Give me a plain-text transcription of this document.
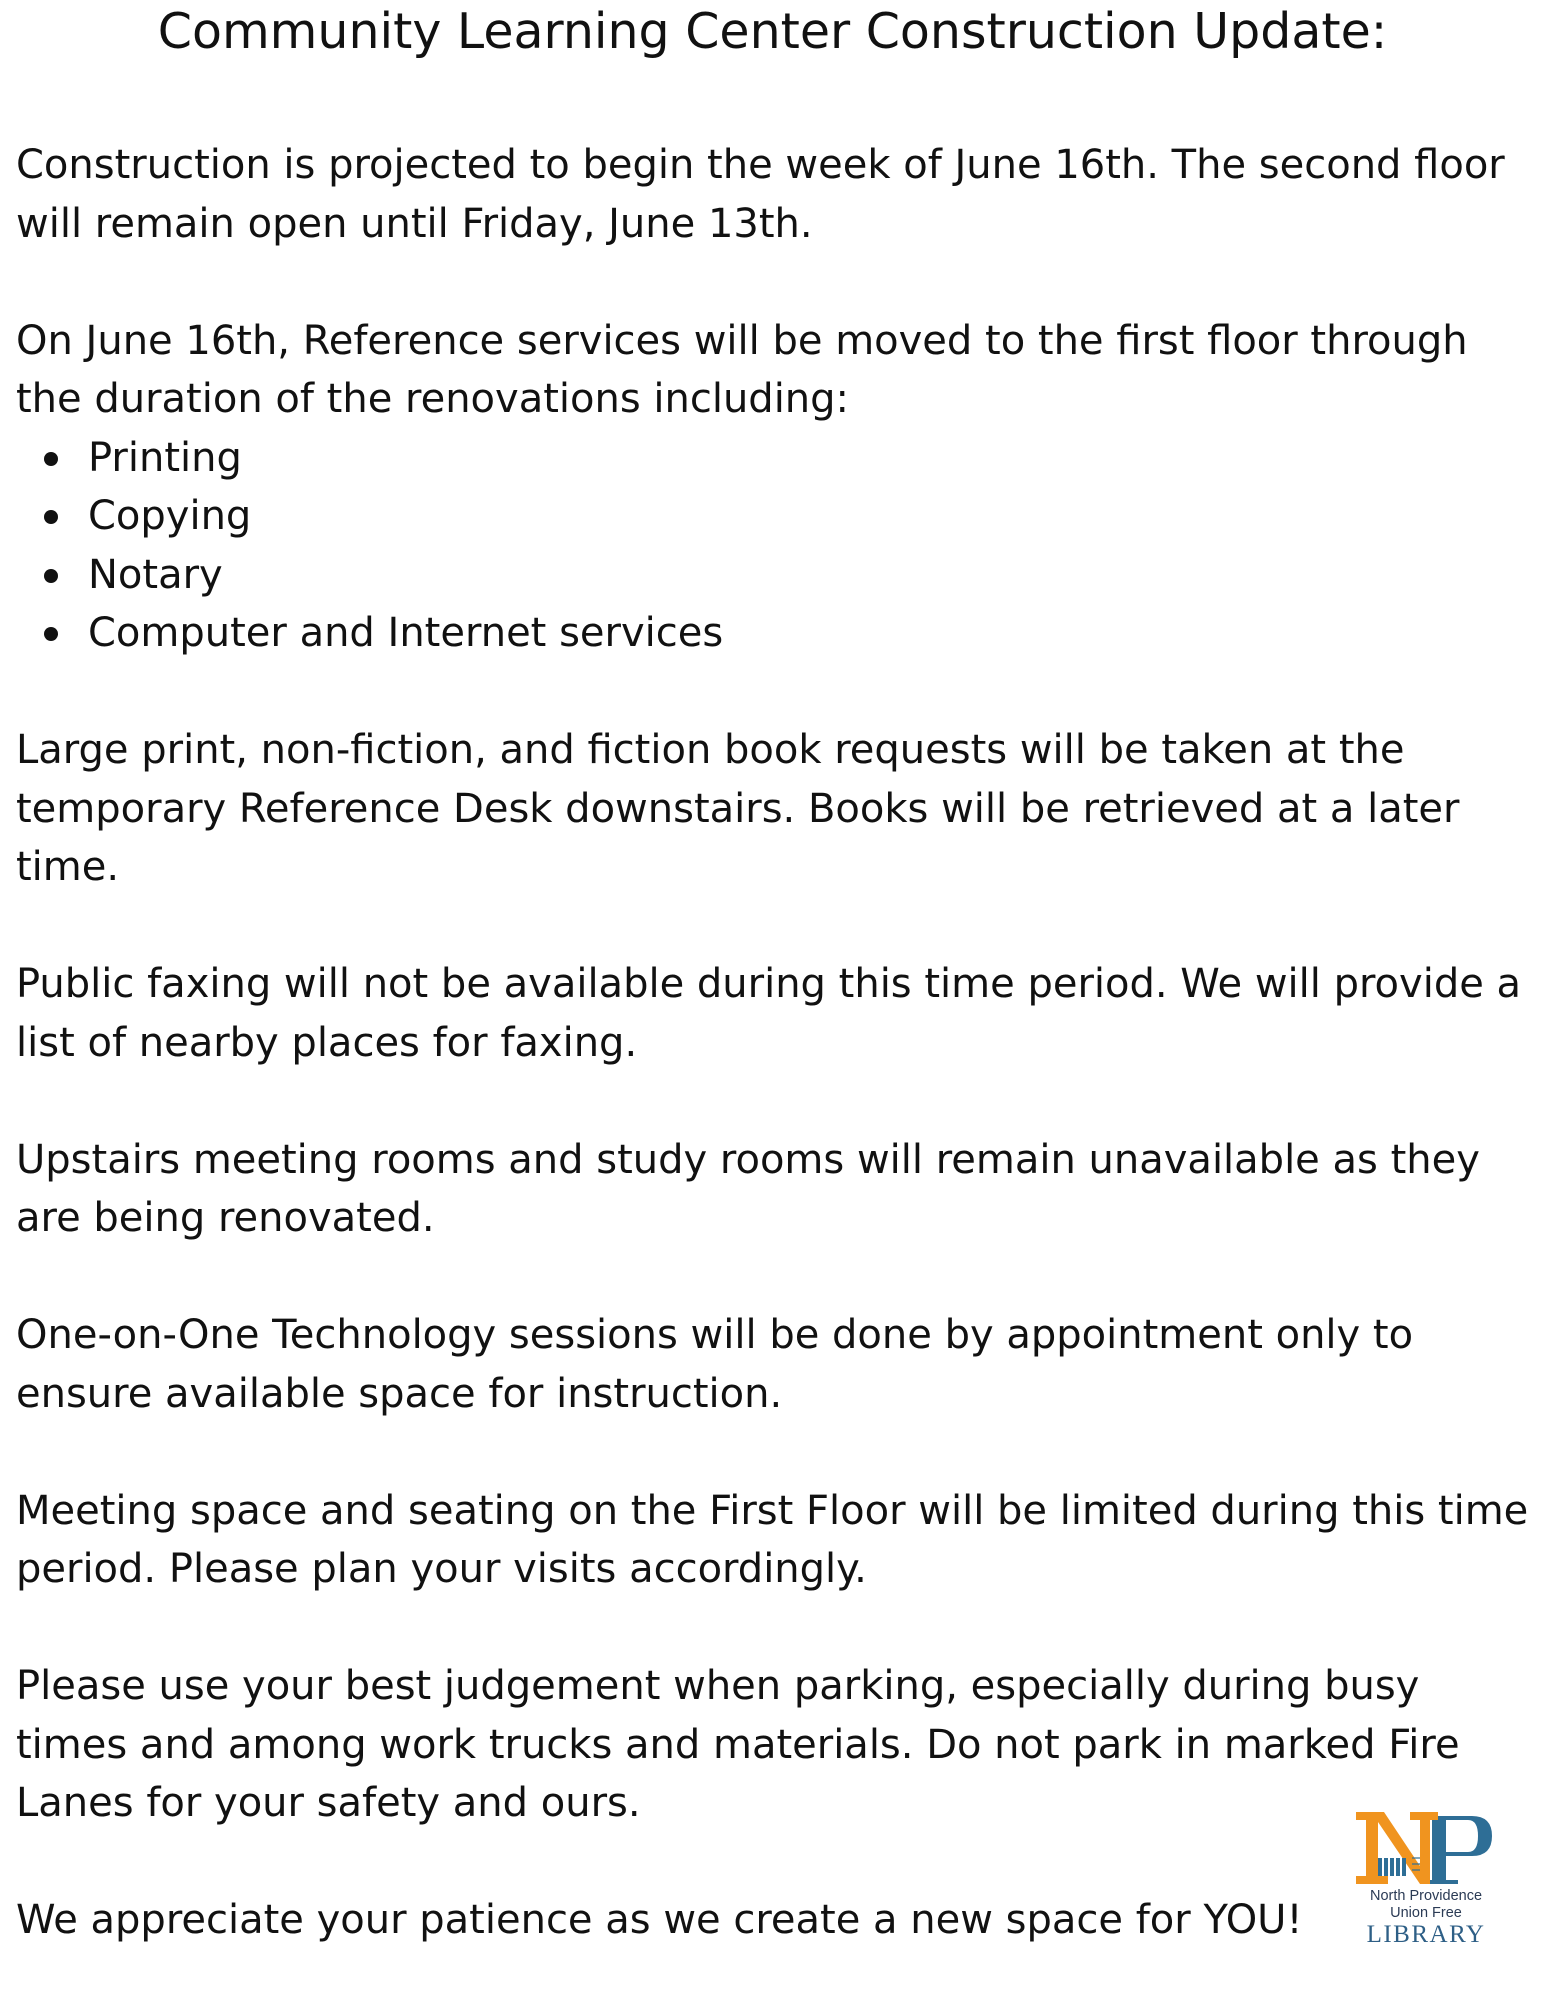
Community Learning Center Construction Update:

Construction is projected to begin the week of June 16th. The second floor will remain open until Friday, June 13th.

On June 16th, Reference services will be moved to the first floor through the duration of the renovations including:

Printing
Copying
Notary
Computer and Internet services

Large print, non-fiction, and fiction book requests will be taken at the temporary Reference Desk downstairs. Books will be retrieved at a later time.

Public faxing will not be available during this time period. We will provide a list of nearby places for faxing.

Upstairs meeting rooms and study rooms will remain unavailable as they are being renovated.

One-on-One Technology sessions will be done by appointment only to ensure available space for instruction.

Meeting space and seating on the First Floor will be limited during this time period. Please plan your visits accordingly.

Please use your best judgement when parking, especially during busy times and among work trucks and materials. Do not park in marked Fire Lanes for your safety and ours.

We appreciate your patience as we create a new space for YOU!

North Providence
Union Free
LIBRARY
